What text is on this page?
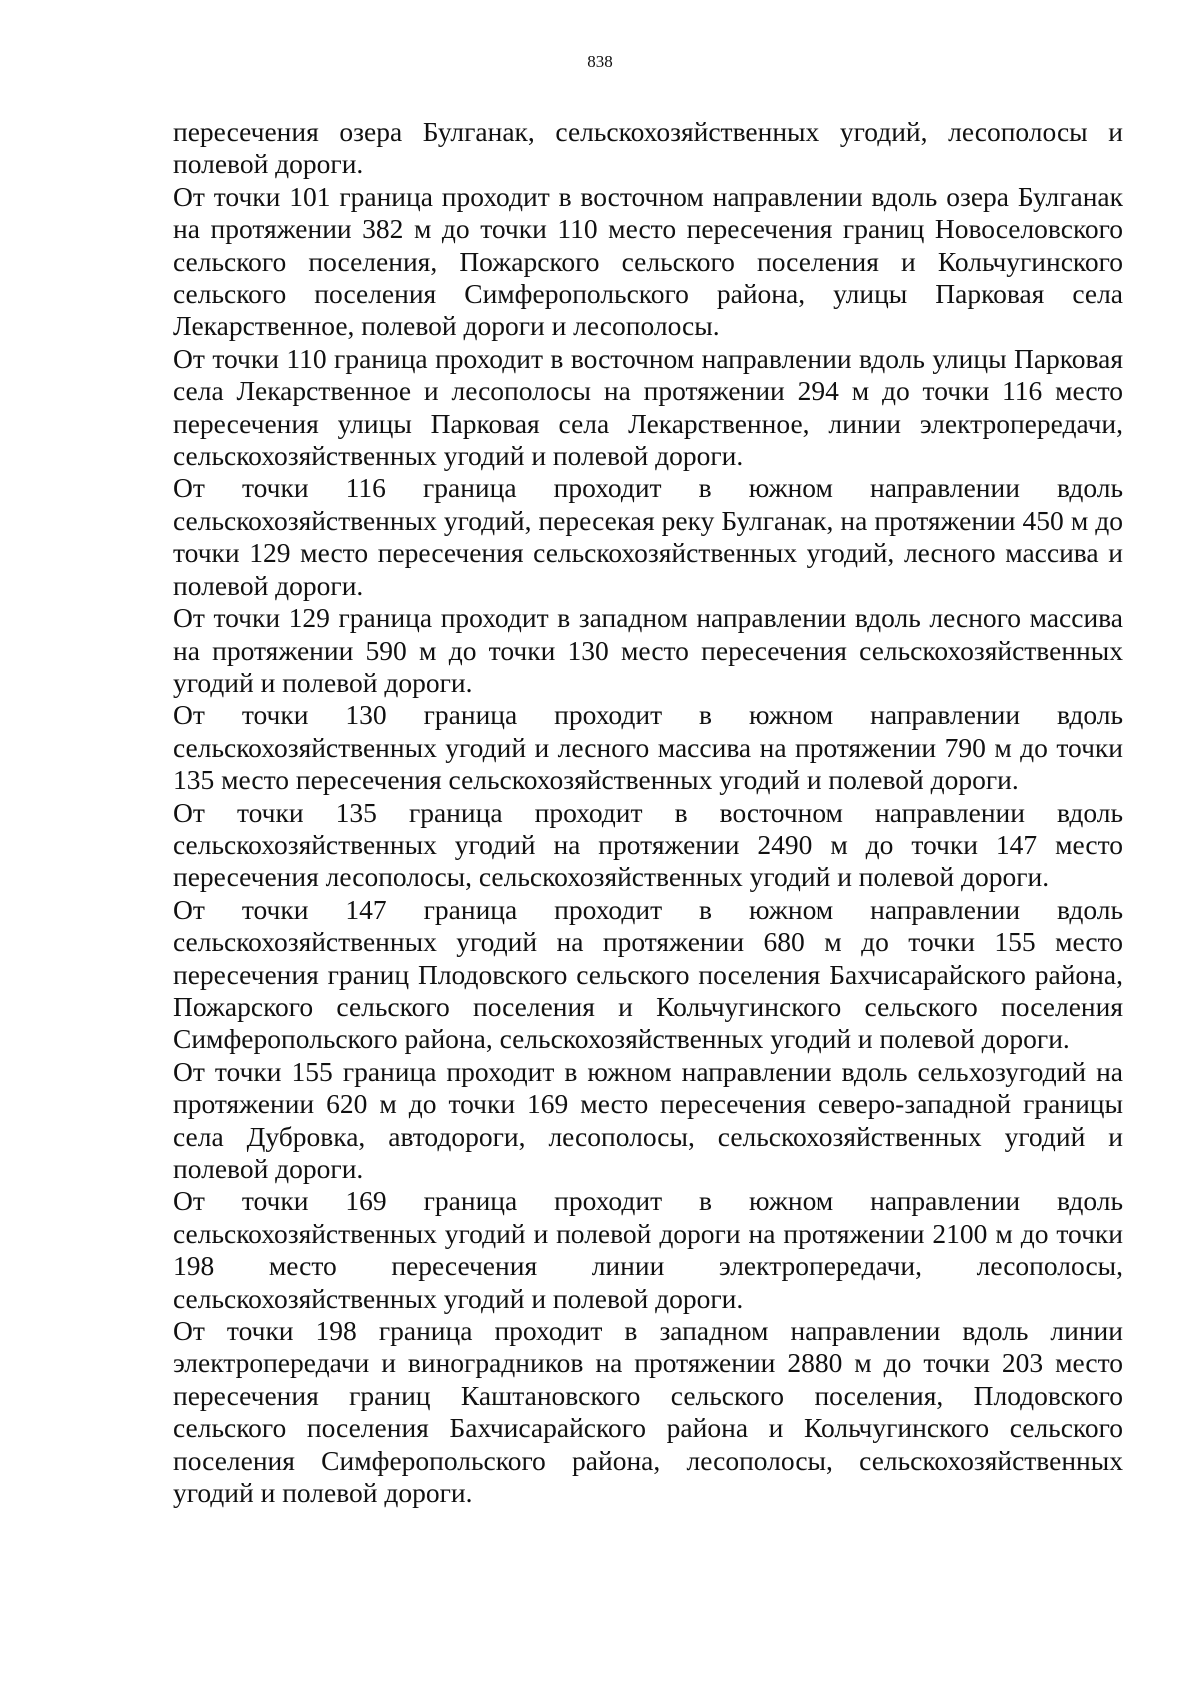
838

пересечения озера Булганак, сельскохозяйственных угодий, лесополосы и полевой дороги.

От точки 101 граница проходит в восточном направлении вдоль озера Булганак на протяжении 382 м до точки 110 место пересечения границ Новоселовского сельского поселения, Пожарского сельского поселения и Кольчугинского сельского поселения Симферопольского района, улицы Парковая села Лекарственное, полевой дороги и лесополосы.

От точки 110 граница проходит в восточном направлении вдоль улицы Парковая села Лекарственное и лесополосы на протяжении 294 м до точки 116 место пересечения улицы Парковая села Лекарственное, линии электропередачи, сельскохозяйственных угодий и полевой дороги.

От точки 116 граница проходит в южном направлении вдоль сельскохозяйственных угодий, пересекая реку Булганак, на протяжении 450 м до точки 129 место пересечения сельскохозяйственных угодий, лесного массива и полевой дороги.

От точки 129 граница проходит в западном направлении вдоль лесного массива на протяжении 590 м до точки 130 место пересечения сельскохозяйственных угодий и полевой дороги.

От точки 130 граница проходит в южном направлении вдоль сельскохозяйственных угодий и лесного массива на протяжении 790 м до точки 135 место пересечения сельскохозяйственных угодий и полевой дороги.

От точки 135 граница проходит в восточном направлении вдоль сельскохозяйственных угодий на протяжении 2490 м до точки 147 место пересечения лесополосы, сельскохозяйственных угодий и полевой дороги.

От точки 147 граница проходит в южном направлении вдоль сельскохозяйственных угодий на протяжении 680 м до точки 155 место пересечения границ Плодовского сельского поселения Бахчисарайского района, Пожарского сельского поселения и Кольчугинского сельского поселения Симферопольского района, сельскохозяйственных угодий и полевой дороги.

От точки 155 граница проходит в южном направлении вдоль сельхозугодий на протяжении 620 м до точки 169 место пересечения северо-западной границы села Дубровка, автодороги, лесополосы, сельскохозяйственных угодий и полевой дороги.

От точки 169 граница проходит в южном направлении вдоль сельскохозяйственных угодий и полевой дороги на протяжении 2100 м до точки 198 место пересечения линии электропередачи, лесополосы, сельскохозяйственных угодий и полевой дороги.

От точки 198 граница проходит в западном направлении вдоль линии электропередачи и виноградников на протяжении 2880 м до точки 203 место пересечения границ Каштановского сельского поселения, Плодовского сельского поселения Бахчисарайского района и Кольчугинского сельского поселения Симферопольского района, лесополосы, сельскохозяйственных угодий и полевой дороги.
